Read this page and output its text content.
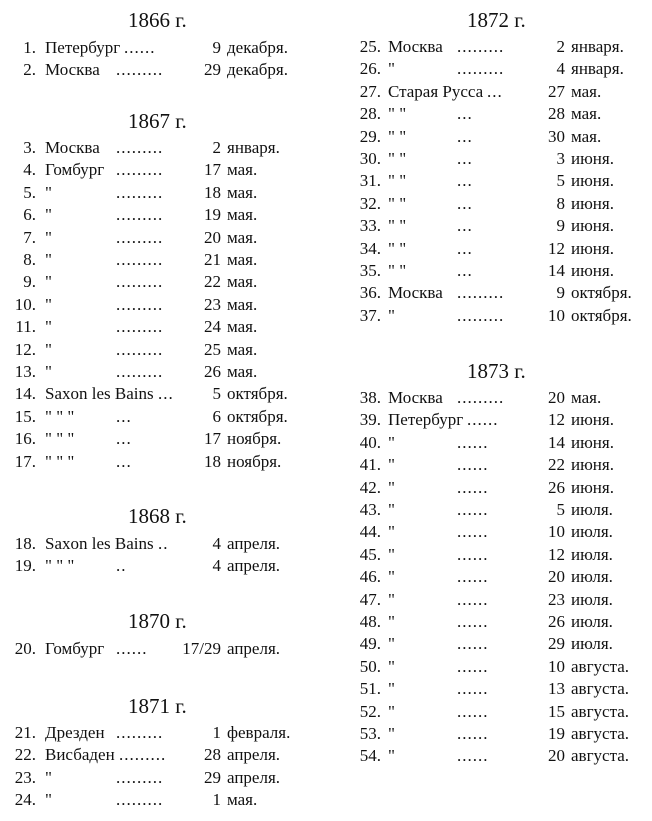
1866 г.
1. Петербург ......	9 декабря.
2. Москва ......... 29 декабря.
1867 г.
3. Москва .........	2 января.
4. Гомбург ......... 17 мая.
5. "	......... 18 мая.
6. "	......... 19 мая.
7. "	......... 20 мая.
8. "	......... 21 мая.
9. "	......... 22 мая.
10. "	......... 23 мая.
11. "	......... 24 мая.
12. "	......... 25 мая.
13. "	......... 26 мая.
14. Saxon les Bains ... 5 октября.
15. " " " ...	6 октября.
16. " " " ...	17 ноября.
17. " " " ...	18 ноября.
1868 г.
18. Saxon les Bains ..	4 апреля.
19. " " " ..	4 апреля.
1870 г.
20. Гомбург ...... 17/29 апреля.
1871 г.
21. Дрезден .........	1 февраля.
22. Висбаден ......... 28 апреля.
23. "	......... 29 апреля.
24. "	.........	1 мая.
1872 г.
25. Москва .........	2 января.
26. "	.........	4 января.
27. Старая Русса ...	27 мая.
28. " "	...	28 мая.
29. " "	...	30 мая.
30. " "	...	3 июня.
31. " "	...	5 июня.
32. " "	...	8 июня.
33. " "	...	9 июня.
34. " "	...	12 июня.
35. " "	...	14 июня.
36. Москва .........	9 октября.
37. "	.........	10 октября.
1873 г.
38. Москва .........	20 мая.
39. Петербург ......	12 июня.
40. "	......	14 июня.
41. "	......	22 июня.
42. "	......	26 июня.
43. "	......	5 июля.
44. "	......	10 июля.
45. "	......	12 июля.
46. "	......	20 июля.
47. "	......	23 июля.
48. "	......	26 июля.
49. "	......	29 июля.
50. "	......	10 августа.
51. "	......	13 августа.
52. "	......	15 августа.
53. "	......	19 августа.
54. "	......	20 августа.
